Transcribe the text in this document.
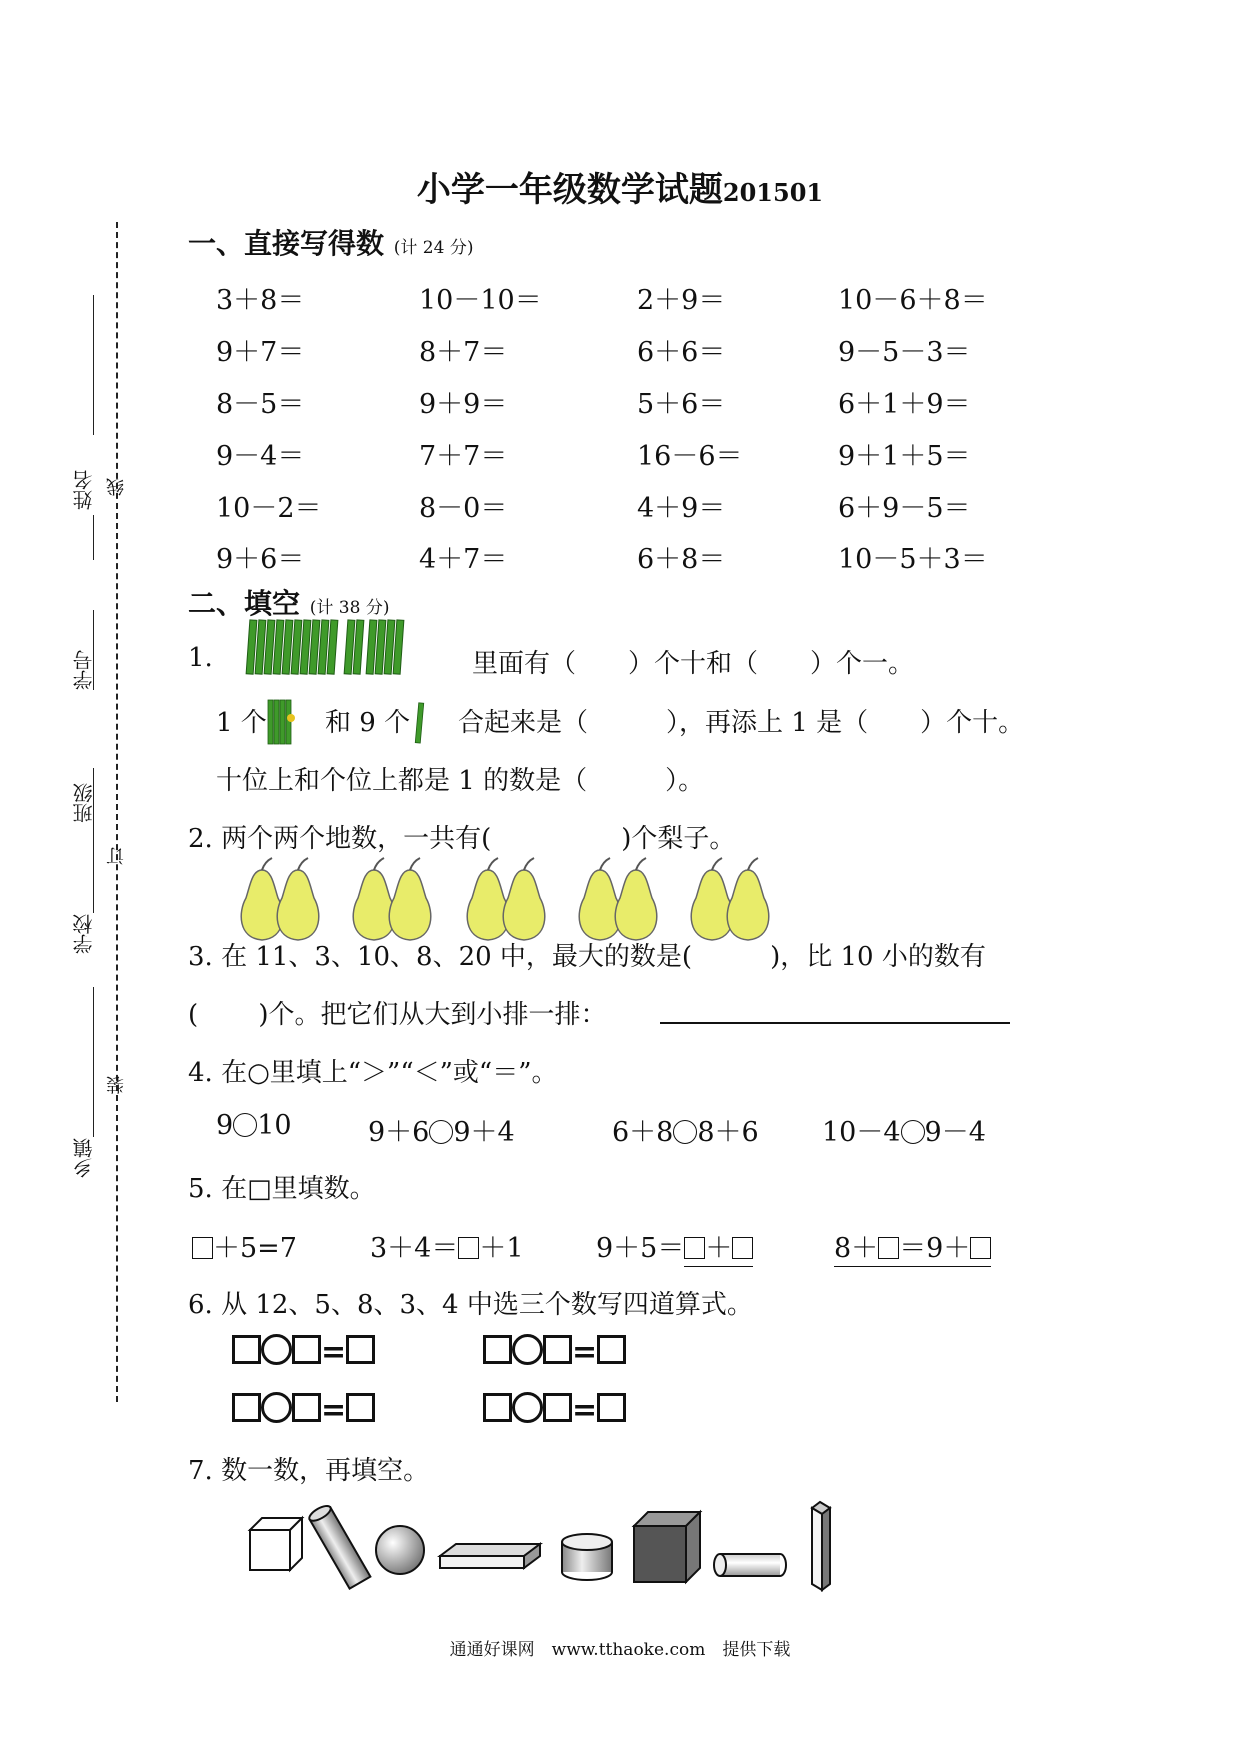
乡镇
学校
班级
学号
姓名
装
订
线
小学一年级数学试题201501
一、直接写得数 (计 24 分)
3＋8＝	10－10＝	2＋9＝	10－6＋8＝
9＋7＝	8＋7＝	6＋6＝	9－5－3＝
8－5＝	9＋9＝	5＋6＝	6＋1＋9＝
9－4＝	7＋7＝	16－6＝	9＋1＋5＝
10－2＝	8－0＝	4＋9＝	6＋9－5＝
9＋6＝	4＋7＝	6＋8＝	10－5＋3＝
二、填空 (计 38 分)
1.	里面有（　　）个十和（　　）个一。
1 个 和 9 个 合起来是（　　　），再添上 1 是（　　）个十。
十位上和个位上都是 1 的数是（　　　）。
2. 两个两个地数，一共有(　　　　　)个梨子。
3. 在 11、3、10、8、20 中，最大的数是(　　　)，比 10 小的数有
(　　 )个。把它们从大到小排一排：
4. 在○里填上“＞”“＜”或“＝”。
9 10	9＋6 9＋4	6＋8 8＋6 10－4 9－4
5. 在□里填数。
＋5=7	3＋4＝ ＋1	9＋5＝ ＋	8＋ ＝9＋
6. 从 12、5、8、3、4 中选三个数写四道算式。
=	=
=	=
7. 数一数，再填空。
通通好课网　www.tthaoke.com　提供下载
